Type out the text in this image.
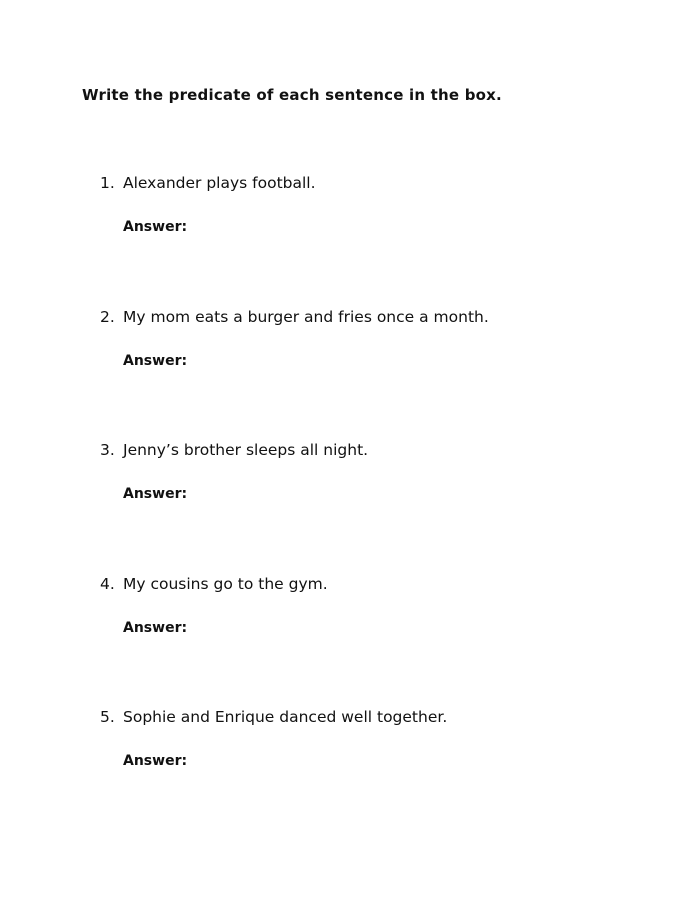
Write the predicate of each sentence in the box.
1. Alexander plays football.
Answer:
2. My mom eats a burger and fries once a month.
Answer:
3. Jenny’s brother sleeps all night.
Answer:
4. My cousins go to the gym.
Answer:
5. Sophie and Enrique danced well together.
Answer:
